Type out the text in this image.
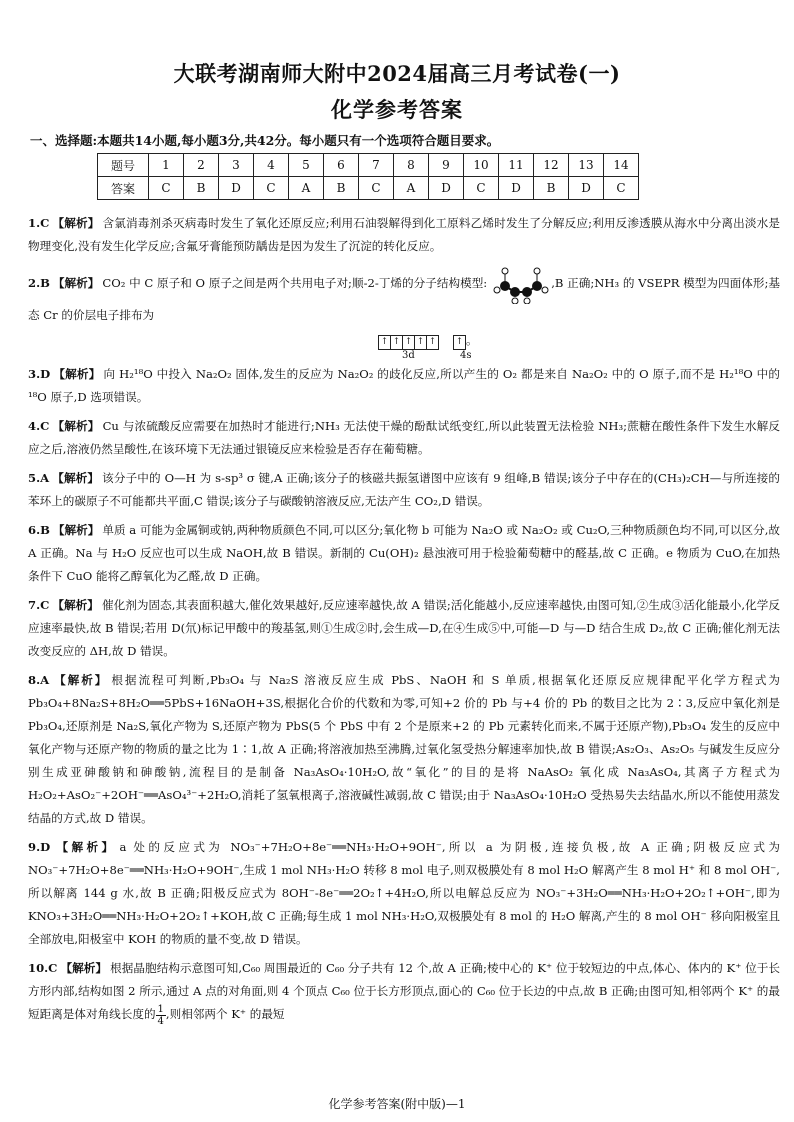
大联考湖南师大附中2024届高三月考试卷(一)
化学参考答案
一、选择题:本题共14小题,每小题3分,共42分。每小题只有一个选项符合题目要求。
题号	1	2	3	4	5	6	7	8	9	10	11	12	13	14
答案	C	B	D	C	A	B	C	A	D	C	D	B	D	C
1.C 【解析】 含氯消毒剂杀灭病毒时发生了氧化还原反应;利用石油裂解得到化工原料乙烯时发生了分解反应;利用反渗透膜从海水中分离出淡水是物理变化,没有发生化学反应;含氟牙膏能预防龋齿是因为发生了沉淀的转化反应。
2.B 【解析】 CO₂ 中 C 原子和 O 原子之间是两个共用电子对;顺-2-丁烯的分子结构模型:	,B 正确;NH₃ 的 VSEPR 模型为四面体形;基态 Cr 的价层电子排布为
↑ ↑ ↑ ↑ ↑ ↑ 。
3d	4s
3.D 【解析】 向 H₂¹⁸O 中投入 Na₂O₂ 固体,发生的反应为 Na₂O₂ 的歧化反应,所以产生的 O₂ 都是来自 Na₂O₂ 中的 O 原子,而不是 H₂¹⁸O 中的 ¹⁸O 原子,D 选项错误。
4.C 【解析】 Cu 与浓硫酸反应需要在加热时才能进行;NH₃ 无法使干燥的酚酞试纸变红,所以此装置无法检验 NH₃;蔗糖在酸性条件下发生水解反应之后,溶液仍然呈酸性,在该环境下无法通过银镜反应来检验是否存在葡萄糖。
5.A 【解析】 该分子中的 O—H 为 s-sp³ σ 键,A 正确;该分子的核磁共振氢谱图中应该有 9 组峰,B 错误;该分子中存在的(CH₃)₂CH—与所连接的苯环上的碳原子不可能都共平面,C 错误;该分子与碳酸钠溶液反应,无法产生 CO₂,D 错误。
6.B 【解析】 单质 a 可能为金属铜或钠,两种物质颜色不同,可以区分;氧化物 b 可能为 Na₂O 或 Na₂O₂ 或 Cu₂O,三种物质颜色均不同,可以区分,故 A 正确。Na 与 H₂O 反应也可以生成 NaOH,故 B 错误。新制的 Cu(OH)₂ 悬浊液可用于检验葡萄糖中的醛基,故 C 正确。e 物质为 CuO,在加热条件下 CuO 能将乙醇氧化为乙醛,故 D 正确。
7.C 【解析】 催化剂为固态,其表面积越大,催化效果越好,反应速率越快,故 A 错误;活化能越小,反应速率越快,由图可知,②生成③活化能最小,化学反应速率最快,故 B 错误;若用 D(氘)标记甲酸中的羧基氢,则①生成②时,会生成—D,在④生成⑤中,可能—D 与—D 结合生成 D₂,故 C 正确;催化剂无法改变反应的 ΔH,故 D 错误。
8.A 【解析】 根据流程可判断,Pb₃O₄ 与 Na₂S 溶液反应生成 PbS、NaOH 和 S 单质,根据氧化还原反应规律配平化学方程式为 Pb₃O₄+8Na₂S+8H₂O══5PbS+16NaOH+3S,根据化合价的代数和为零,可知+2 价的 Pb 与+4 价的 Pb 的数目之比为 2∶3,反应中氧化剂是 Pb₃O₄,还原剂是 Na₂S,氧化产物为 S,还原产物为 PbS(5 个 PbS 中有 2 个是原来+2 的 Pb 元素转化而来,不属于还原产物),Pb₃O₄ 发生的反应中氧化产物与还原产物的物质的量之比为 1∶1,故 A 正确;将溶液加热至沸腾,过氧化氢受热分解速率加快,故 B 错误;As₂O₃、As₂O₅ 与碱发生反应分别生成亚砷酸钠和砷酸钠,流程目的是制备 Na₃AsO₄·10H₂O,故“氧化”的目的是将 NaAsO₂ 氧化成 Na₃AsO₄,其离子方程式为 H₂O₂+AsO₂⁻+2OH⁻══AsO₄³⁻+2H₂O,消耗了氢氧根离子,溶液碱性减弱,故 C 错误;由于 Na₃AsO₄·10H₂O 受热易失去结晶水,所以不能使用蒸发结晶的方式,故 D 错误。
9.D 【解析】 a 处的反应式为 NO₃⁻+7H₂O+8e⁻══NH₃·H₂O+9OH⁻,所以 a 为阴极,连接负极,故 A 正确;阴极反应式为 NO₃⁻+7H₂O+8e⁻══NH₃·H₂O+9OH⁻,生成 1 mol NH₃·H₂O 转移 8 mol 电子,则双极膜处有 8 mol H₂O 解离产生 8 mol H⁺ 和 8 mol OH⁻,所以解离 144 g 水,故 B 正确;阳极反应式为 8OH⁻-8e⁻══2O₂↑+4H₂O,所以电解总反应为 NO₃⁻+3H₂O══NH₃·H₂O+2O₂↑+OH⁻,即为 KNO₃+3H₂O══NH₃·H₂O+2O₂↑+KOH,故 C 正确;每生成 1 mol NH₃·H₂O,双极膜处有 8 mol 的 H₂O 解离,产生的 8 mol OH⁻ 移向阳极室且全部放电,阳极室中 KOH 的物质的量不变,故 D 错误。
10.C 【解析】 根据晶胞结构示意图可知,C₆₀ 周围最近的 C₆₀ 分子共有 12 个,故 A 正确;棱中心的 K⁺ 位于较短边的中点,体心、体内的 K⁺ 位于长方形内部,结构如图 2 所示,通过 A 点的对角面,则 4 个顶点 C₆₀ 位于长方形顶点,面心的 C₆₀ 位于长边的中点,故 B 正确;由图可知,相邻两个 K⁺ 的最短距离是体对角线长度的 $\frac{1}{4}$ ,则相邻两个 K⁺ 的最短
化学参考答案(附中版)—1
